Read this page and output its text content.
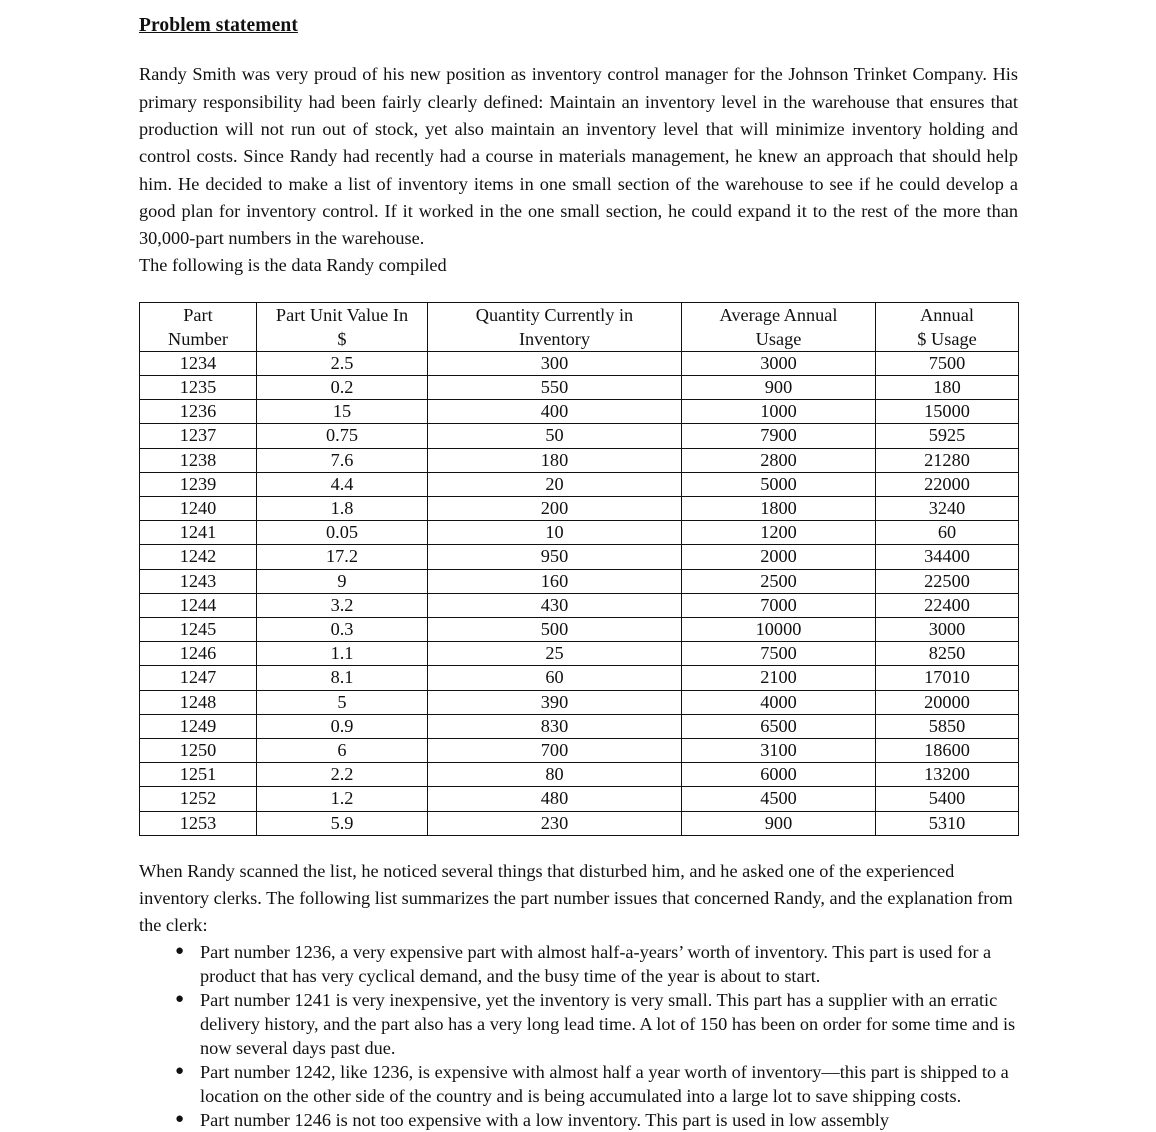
Problem statement

Randy Smith was very proud of his new position as inventory control manager for the Johnson Trinket Company. His primary responsibility had been fairly clearly defined: Maintain an inventory level in the warehouse that ensures that production will not run out of stock, yet also maintain an inventory level that will minimize inventory holding and control costs. Since Randy had recently had a course in materials management, he knew an approach that should help him. He decided to make a list of inventory items in one small section of the warehouse to see if he could develop a good plan for inventory control. If it worked in the one small section, he could expand it to the rest of the more than 30,000-part numbers in the warehouse.

The following is the data Randy compiled

Part	Part Unit Value In	Quantity Currently in	Average Annual	Annual
Number	$	Inventory	Usage	$ Usage
1234	2.5	300	3000	7500
1235	0.2	550	900	180
1236	15	400	1000	15000
1237	0.75	50	7900	5925
1238	7.6	180	2800	21280
1239	4.4	20	5000	22000
1240	1.8	200	1800	3240
1241	0.05	10	1200	60
1242	17.2	950	2000	34400
1243	9	160	2500	22500
1244	3.2	430	7000	22400
1245	0.3	500	10000	3000
1246	1.1	25	7500	8250
1247	8.1	60	2100	17010
1248	5	390	4000	20000
1249	0.9	830	6500	5850
1250	6	700	3100	18600
1251	2.2	80	6000	13200
1252	1.2	480	4500	5400
1253	5.9	230	900	5310

When Randy scanned the list, he noticed several things that disturbed him, and he asked one of the experienced inventory clerks. The following list summarizes the part number issues that concerned Randy, and the explanation from the clerk:

● Part number 1236, a very expensive part with almost half-a-years’ worth of inventory. This part is used for a product that has very cyclical demand, and the busy time of the year is about to start.
● Part number 1241 is very inexpensive, yet the inventory is very small. This part has a supplier with an erratic delivery history, and the part also has a very long lead time. A lot of 150 has been on order for some time and is now several days past due.
● Part number 1242, like 1236, is expensive with almost half a year worth of inventory—this part is shipped to a location on the other side of the country and is being accumulated into a large lot to save shipping costs.
● Part number 1246 is not too expensive with a low inventory. This part is used in low assembly
